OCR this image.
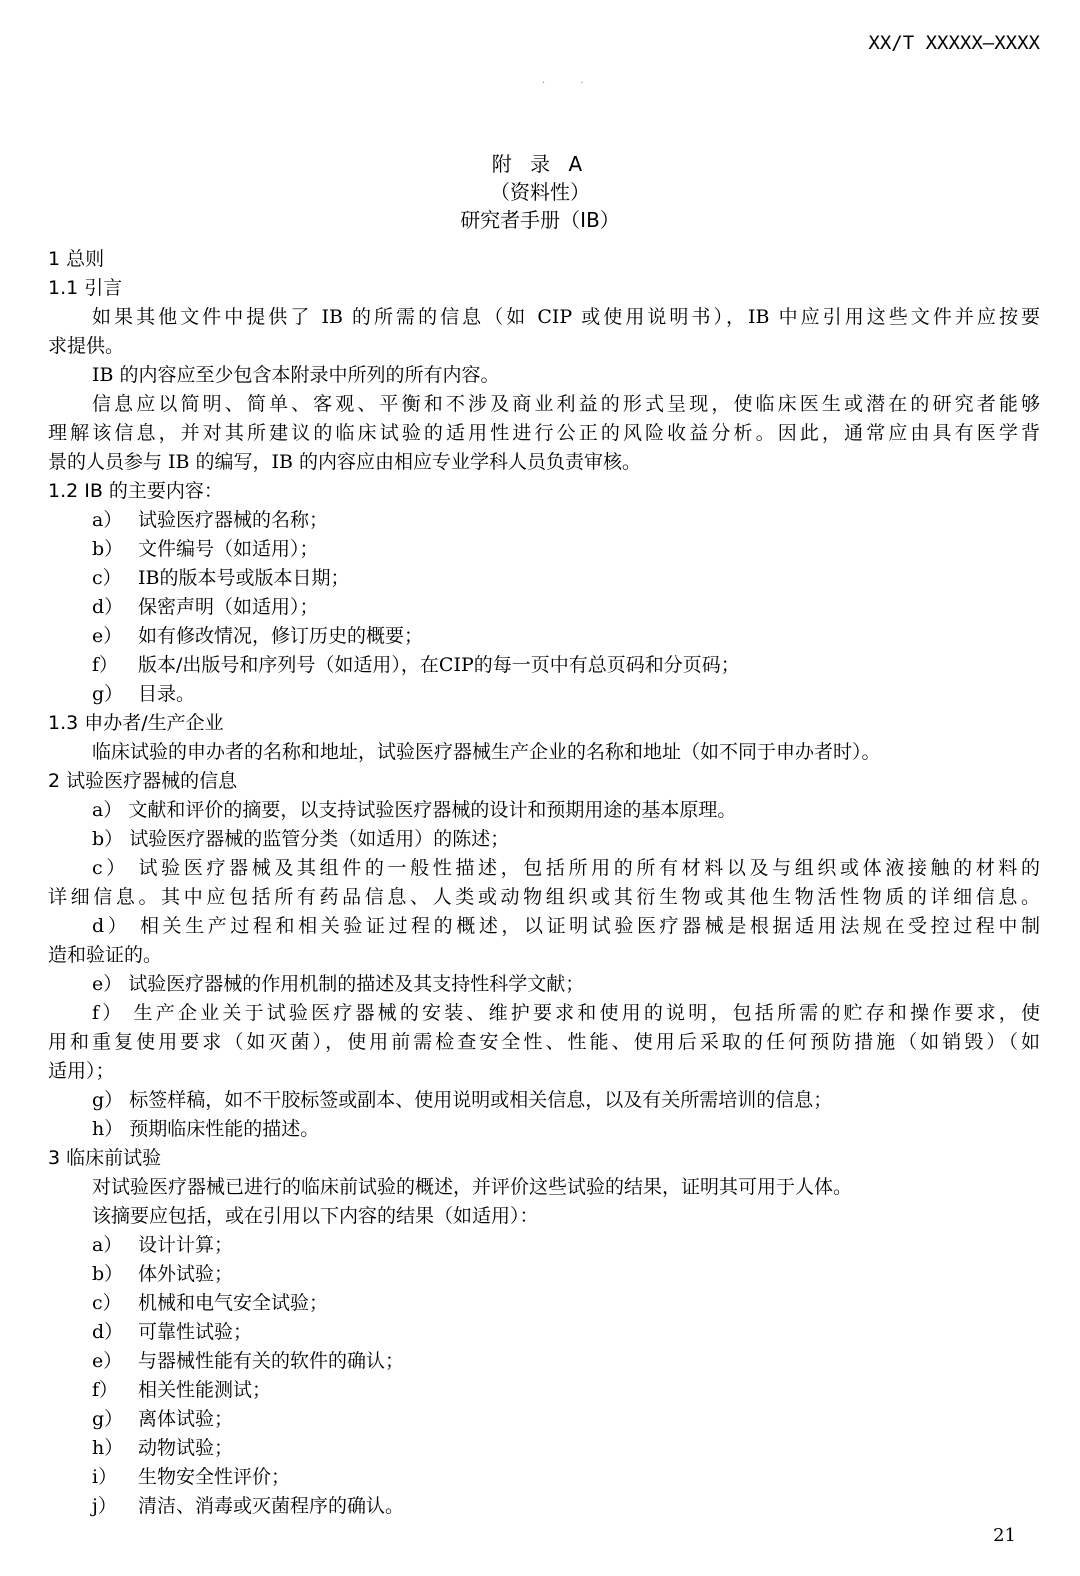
XX/T XXXXX—XXXX
· ·
附 录 A
（资料性）
研究者手册（IB）
1 总则
1.1 引言
如果其他文件中提供了 IB 的所需的信息（如 CIP 或使用说明书），IB 中应引用这些文件并应按要
求提供。
IB 的内容应至少包含本附录中所列的所有内容。
信息应以简明、简单、客观、平衡和不涉及商业利益的形式呈现，使临床医生或潜在的研究者能够
理解该信息，并对其所建议的临床试验的适用性进行公正的风险收益分析。因此，通常应由具有医学背
景的人员参与 IB 的编写，IB 的内容应由相应专业学科人员负责审核。
1.2 IB 的主要内容：
a） 试验医疗器械的名称；
b） 文件编号（如适用）；
c） IB的版本号或版本日期；
d） 保密声明（如适用）；
e） 如有修改情况，修订历史的概要；
f） 版本/出版号和序列号（如适用），在CIP的每一页中有总页码和分页码；
g） 目录。
1.3 申办者/生产企业
临床试验的申办者的名称和地址，试验医疗器械生产企业的名称和地址（如不同于申办者时）。
2 试验医疗器械的信息
a） 文献和评价的摘要，以支持试验医疗器械的设计和预期用途的基本原理。
b） 试验医疗器械的监管分类（如适用）的陈述；
c） 试验医疗器械及其组件的一般性描述，包括所用的所有材料以及与组织或体液接触的材料的
详细信息。其中应包括所有药品信息、人类或动物组织或其衍生物或其他生物活性物质的详细信息。
d） 相关生产过程和相关验证过程的概述，以证明试验医疗器械是根据适用法规在受控过程中制
造和验证的。
e） 试验医疗器械的作用机制的描述及其支持性科学文献；
f） 生产企业关于试验医疗器械的安装、维护要求和使用的说明，包括所需的贮存和操作要求，使
用和重复使用要求（如灭菌），使用前需检查安全性、性能、使用后采取的任何预防措施（如销毁）（如
适用）；
g） 标签样稿，如不干胶标签或副本、使用说明或相关信息，以及有关所需培训的信息；
h） 预期临床性能的描述。
3 临床前试验
对试验医疗器械已进行的临床前试验的概述，并评价这些试验的结果，证明其可用于人体。
该摘要应包括，或在引用以下内容的结果（如适用）：
a） 设计计算；
b） 体外试验；
c） 机械和电气安全试验；
d） 可靠性试验；
e） 与器械性能有关的软件的确认；
f） 相关性能测试；
g） 离体试验；
h） 动物试验；
i） 生物安全性评价；
j） 清洁、消毒或灭菌程序的确认。
21
